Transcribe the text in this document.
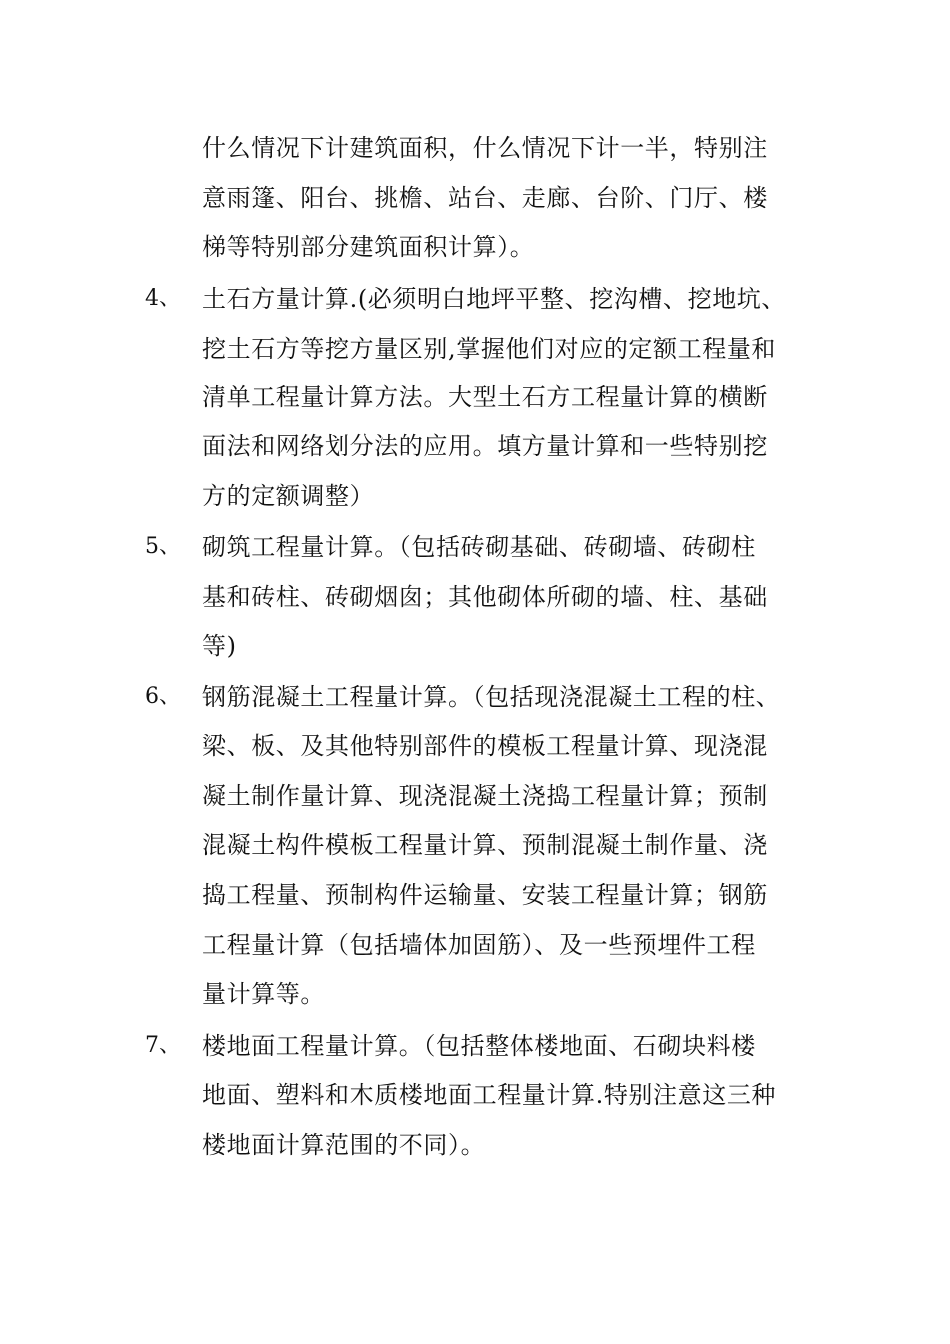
什么情况下计建筑面积，什么情况下计一半，特别注
意雨篷、阳台、挑檐、站台、走廊、台阶、门厅、楼
梯等特别部分建筑面积计算）。
4、 土石方量计算.(必须明白地坪平整、挖沟槽、挖地坑、
挖土石方等挖方量区别,掌握他们对应的定额工程量和
清单工程量计算方法。大型土石方工程量计算的横断
面法和网络划分法的应用。填方量计算和一些特别挖
方的定额调整）
5、 砌筑工程量计算。（包括砖砌基础、砖砌墙、砖砌柱
基和砖柱、砖砌烟囱；其他砌体所砌的墙、柱、基础
等)
6、 钢筋混凝土工程量计算。（包括现浇混凝土工程的柱、
梁、板、及其他特别部件的模板工程量计算、现浇混
凝土制作量计算、现浇混凝土浇捣工程量计算；预制
混凝土构件模板工程量计算、预制混凝土制作量、浇
捣工程量、预制构件运输量、安装工程量计算；钢筋
工程量计算（包括墙体加固筋）、及一些预埋件工程
量计算等。
7、 楼地面工程量计算。（包括整体楼地面、石砌块料楼
地面、塑料和木质楼地面工程量计算.特别注意这三种
楼地面计算范围的不同）。
